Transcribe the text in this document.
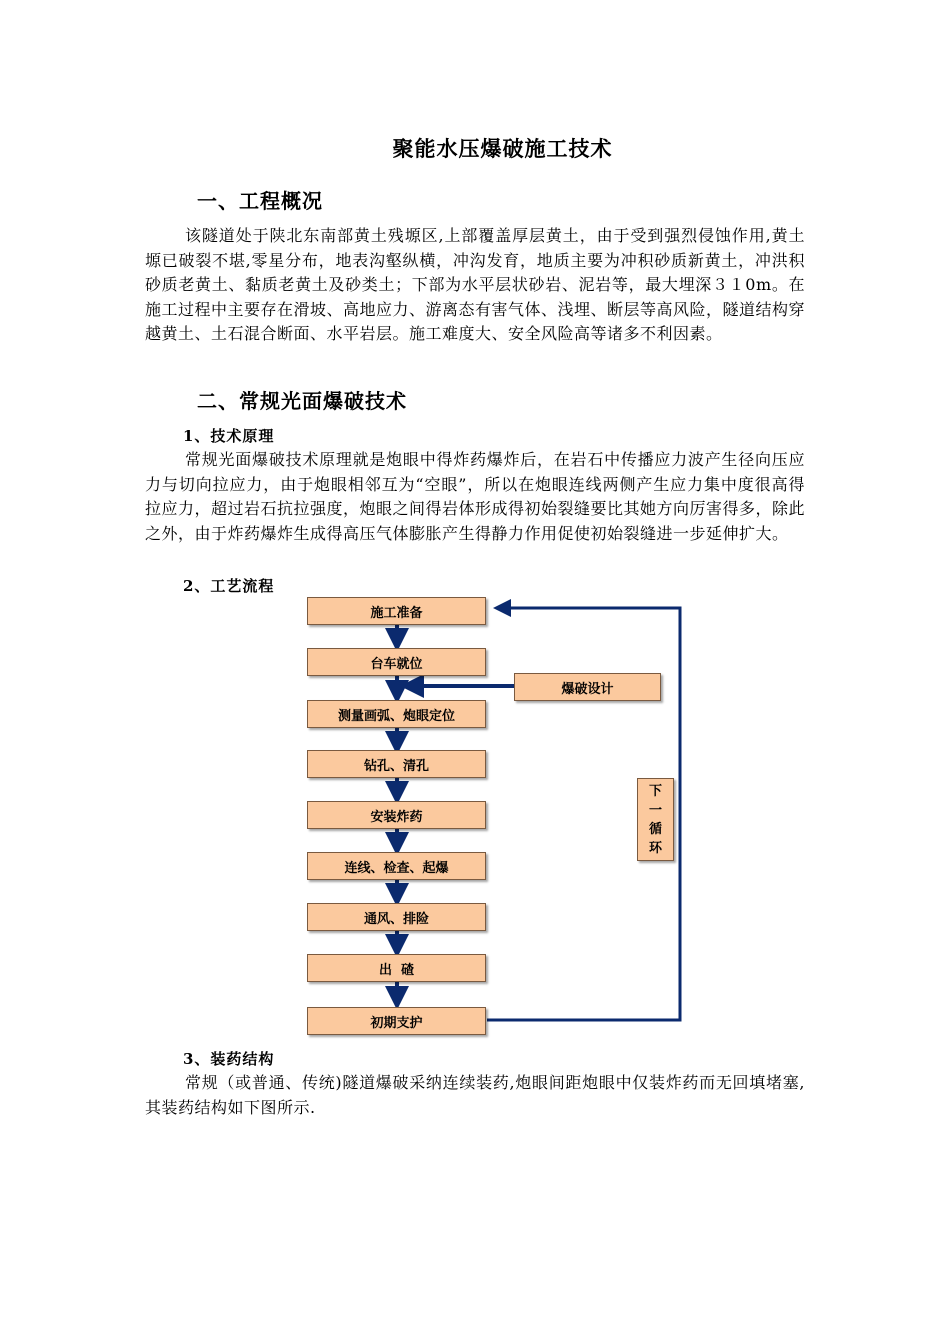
聚能水压爆破施工技术
一、工程概况
该隧道处于陕北东南部黄土残塬区,上部覆盖厚层黄土，由于受到强烈侵蚀作用,黄土塬已破裂不堪,零星分布，地表沟壑纵横，冲沟发育，地质主要为冲积砂质新黄土，冲洪积砂质老黄土、黏质老黄土及砂类土；下部为水平层状砂岩、泥岩等，最大埋深３１0m。在施工过程中主要存在滑坡、高地应力、游离态有害气体、浅埋、断层等高风险，隧道结构穿越黄土、土石混合断面、水平岩层。施工难度大、安全风险高等诸多不利因素。
二、常规光面爆破技术
1、技术原理
常规光面爆破技术原理就是炮眼中得炸药爆炸后，在岩石中传播应力波产生径向压应力与切向拉应力，由于炮眼相邻互为“空眼”，所以在炮眼连线两侧产生应力集中度很高得拉应力，超过岩石抗拉强度，炮眼之间得岩体形成得初始裂缝要比其她方向厉害得多，除此之外，由于炸药爆炸生成得高压气体膨胀产生得静力作用促使初始裂缝进一步延伸扩大。
2、工艺流程
施工准备
台车就位
测量画弧、炮眼定位
钻孔、清孔
安装炸药
连线、检查、起爆
通风、排险
出  碴
初期支护
爆破设计
下
一
循
环
3、装药结构
常规（或普通、传统)隧道爆破采纳连续装药,炮眼间距炮眼中仅装炸药而无回填堵塞,其装药结构如下图所示.
